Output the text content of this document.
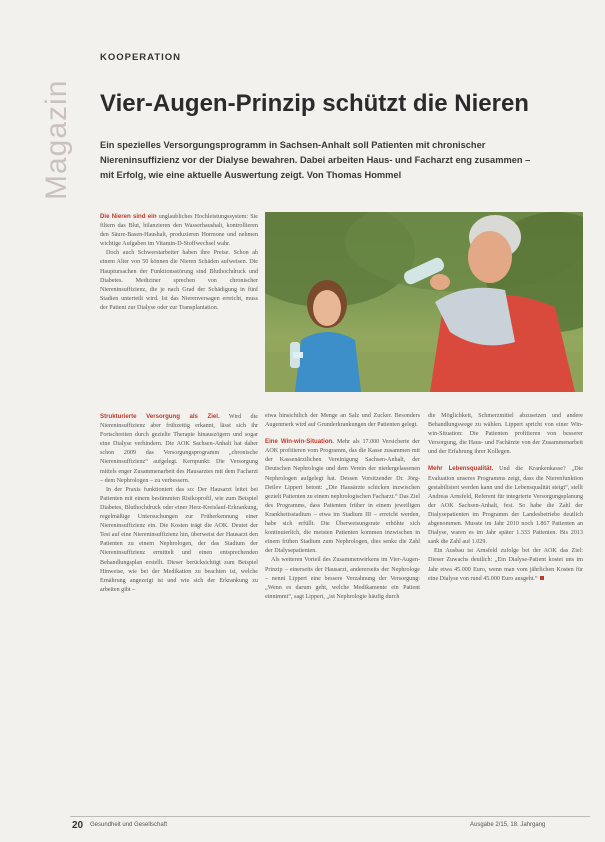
Magazin
KOOPERATION
Vier-Augen-Prinzip schützt die Nieren

Ein spezielles Versorgungsprogramm in Sachsen-Anhalt soll Patienten mit chronischer Niereninsuffizienz vor der Dialyse bewahren. Dabei arbeiten Haus- und Facharzt eng zusammen – mit Erfolg, wie eine aktuelle Auswertung zeigt. Von Thomas Hommel

Die Nieren sind ein unglaubliches Hochleistungssystem: Sie filtern das Blut, bilanzieren den Wasserhaushalt, kontrollieren den Säure-Basen-Haushalt, produzieren Hormone und nehmen wichtige Aufgaben im Vitamin-D-Stoffwechsel wahr.

Doch auch Schwerstarbeiter haben ihre Preise. Schon ab einem Alter von 50 können die Nieren Schäden aufweisen. Die Hauptursachen der Funktionsstörung sind Bluthochdruck und Diabetes. Mediziner sprechen von chronischer Niereninsuffizienz, die je nach Grad der Schädigung in fünf Stadien unterteilt wird. Ist das Nierenversagen erreicht, muss der Patient zur Dialyse oder zur Transplantation.

Strukturierte Versorgung als Ziel. Wird die Niereninsuffizienz aber frühzeitig erkannt, lässt sich ihr Fortschreiten durch gezielte Therapie hinauszögern und sogar eine Dialyse verhindern. Die AOK Sachsen-Anhalt hat daher schon 2009 das Versorgungsprogramm „chronische Niereninsuffizienz“ aufgelegt. Kernpunkt: Die Versorgung mittels enger Zusammenarbeit des Hausarztes mit dem Facharzt – dem Nephrologen – zu verbessern.

In der Praxis funktioniert das so: Der Hausarzt leitet bei Patienten mit einem bestimmten Risikoprofil, wie zum Beispiel Diabetes, Bluthochdruck oder einer Herz-Kreislauf-Erkrankung, regelmäßige Untersuchungen zur Früherkennung einer Niereninsuffizienz ein. Die Kosten trägt die AOK. Deutet der Test auf eine Niereninsuffizienz hin, überweist der Hausarzt den Patienten zu einem Nephrologen, der das Stadium der Niereninsuffizienz ermittelt und einen entsprechenden Behandlungsplan erstellt. Dieser berücksichtigt zum Beispiel Hinweise, wie bei der Medikation zu beachten ist, welche Ernährung angezeigt ist und wie sich der Erkrankung zu arbeiten gibt –

etwa hinsichtlich der Menge an Salz und Zucker. Besonders Augenmerk wird auf Grunderkrankungen der Patienten gelegt.

Eine Win-win-Situation. Mehr als 17.000 Versicherte der AOK profitieren vom Programm, das die Kasse zusammen mit der Kassenärztlichen Vereinigung Sachsen-Anhalt, der Deutschen Nephrologie und dem Verein der niedergelassenen Nephrologen aufgelegt hat. Dessen Vorsitzender Dr. Jörg-Detlev Lippert betont: „Die Hausärzte schicken inzwischen gezielt Patienten zu einem nephrologischen Facharzt.“ Das Ziel des Programms, dass Patienten früher in einem jeweiligen Krankheitsstadium – etwa im Stadium III – erreicht werden, habe sich erfüllt. Die Überweisungsrate erhöhte sich kontinuierlich, die meisten Patienten kommen inzwischen in einem frühen Stadium zum Nephrologen, dies senke die Zahl der Dialysepatienten.

Als weiteren Vorteil des Zusammenwirkens im Vier-Augen-Prinzip – einerseits der Hausarzt, andererseits der Nephrologe – nennt Lippert eine bessere Verzahnung der Versorgung: „Wenn es darum geht, welche Medikamente ein Patient einnimmt“, sagt Lippert, „ist Nephrologie häufig durch

die Möglichkeit, Schmerzmittel abzusetzen und andere Behandlungswege zu wählen. Lippert spricht von einer Win-win-Situation: Die Patienten profitieren von besserer Versorgung, die Haus- und Fachärzte von der Zusammenarbeit und der Erfahrung ihrer Kollegen.

Mehr Lebensqualität. Und die Krankenkasse? „Die Evaluation unseres Programms zeigt, dass die Nierenfunktion gestabilisiert werden kann und die Lebensqualität steigt“, stellt Andreas Arnsfeld, Referent für integrierte Versorgungsplanung der AOK Sachsen-Anhalt, fest. So habe die Zahl der Dialysepatienten im Programm der Landesbetriebe deutlich abgenommen. Musste im Jahr 2010 noch 1.867 Patienten an Dialyse, waren es im Jahr später 1.333 Patienten. Bis 2013 sank die Zahl auf 1.029.

Ein Ausbau ist Arnsfeld zufolge bei der AOK das Ziel: Dieser Zuwachs deutlich: „Ein Dialyse-Patient kostet uns im Jahr etwa 45.000 Euro, wenn man vom jährlichen Kosten für eine Dialyse von rund 45.000 Euro ausgeht.“

20 Gesundheit und Gesellschaft	Ausgabe 2/15, 18. Jahrgang
